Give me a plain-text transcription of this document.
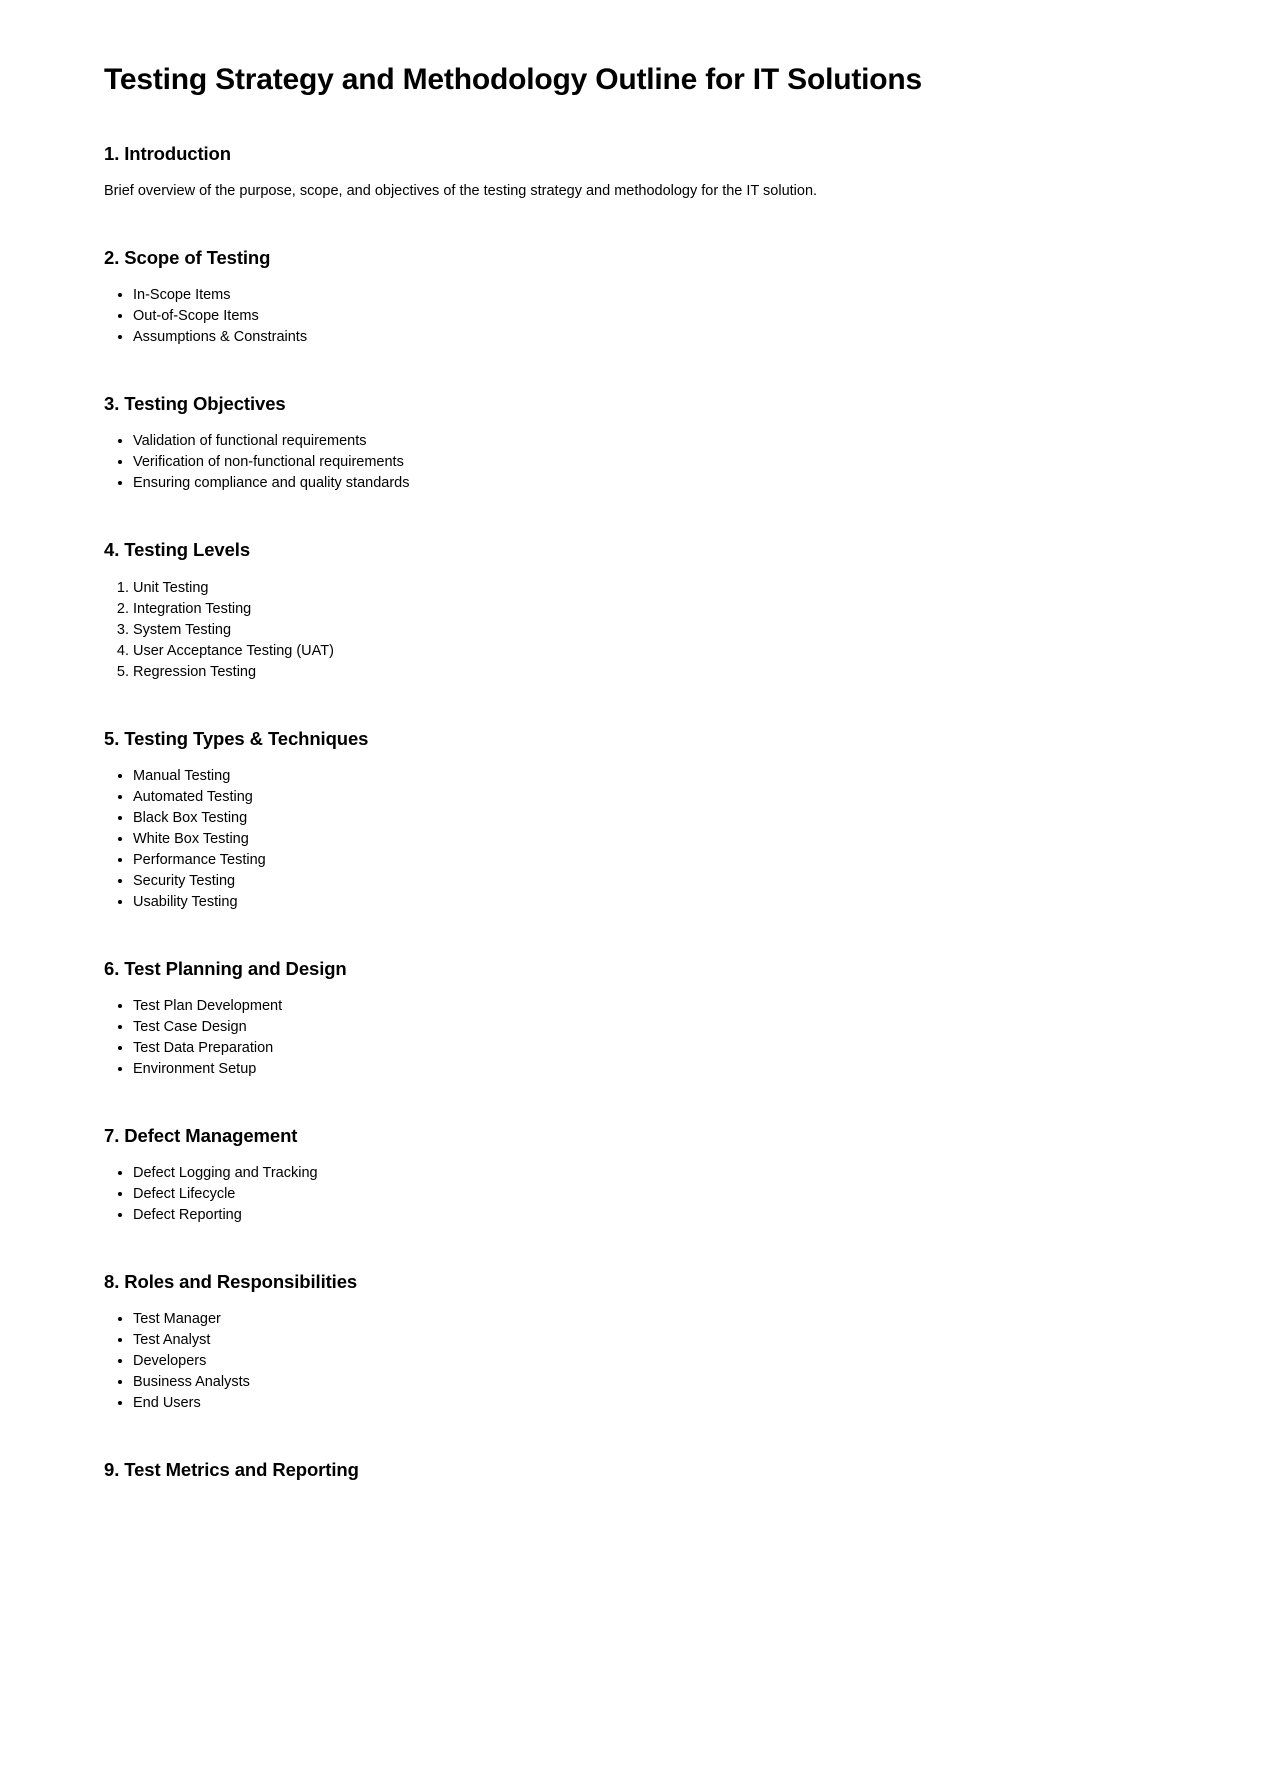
Testing Strategy and Methodology Outline for IT Solutions
1. Introduction

Brief overview of the purpose, scope, and objectives of the testing strategy and methodology for the IT solution.

2. Scope of Testing
• In-Scope Items
• Out-of-Scope Items
• Assumptions & Constraints
3. Testing Objectives
• Validation of functional requirements
• Verification of non-functional requirements
• Ensuring compliance and quality standards
4. Testing Levels
1. Unit Testing
2. Integration Testing
3. System Testing
4. User Acceptance Testing (UAT)
5. Regression Testing
5. Testing Types & Techniques
• Manual Testing
• Automated Testing
• Black Box Testing
• White Box Testing
• Performance Testing
• Security Testing
• Usability Testing
6. Test Planning and Design
• Test Plan Development
• Test Case Design
• Test Data Preparation
• Environment Setup
7. Defect Management
• Defect Logging and Tracking
• Defect Lifecycle
• Defect Reporting
8. Roles and Responsibilities
• Test Manager
• Test Analyst
• Developers
• Business Analysts
• End Users
9. Test Metrics and Reporting
